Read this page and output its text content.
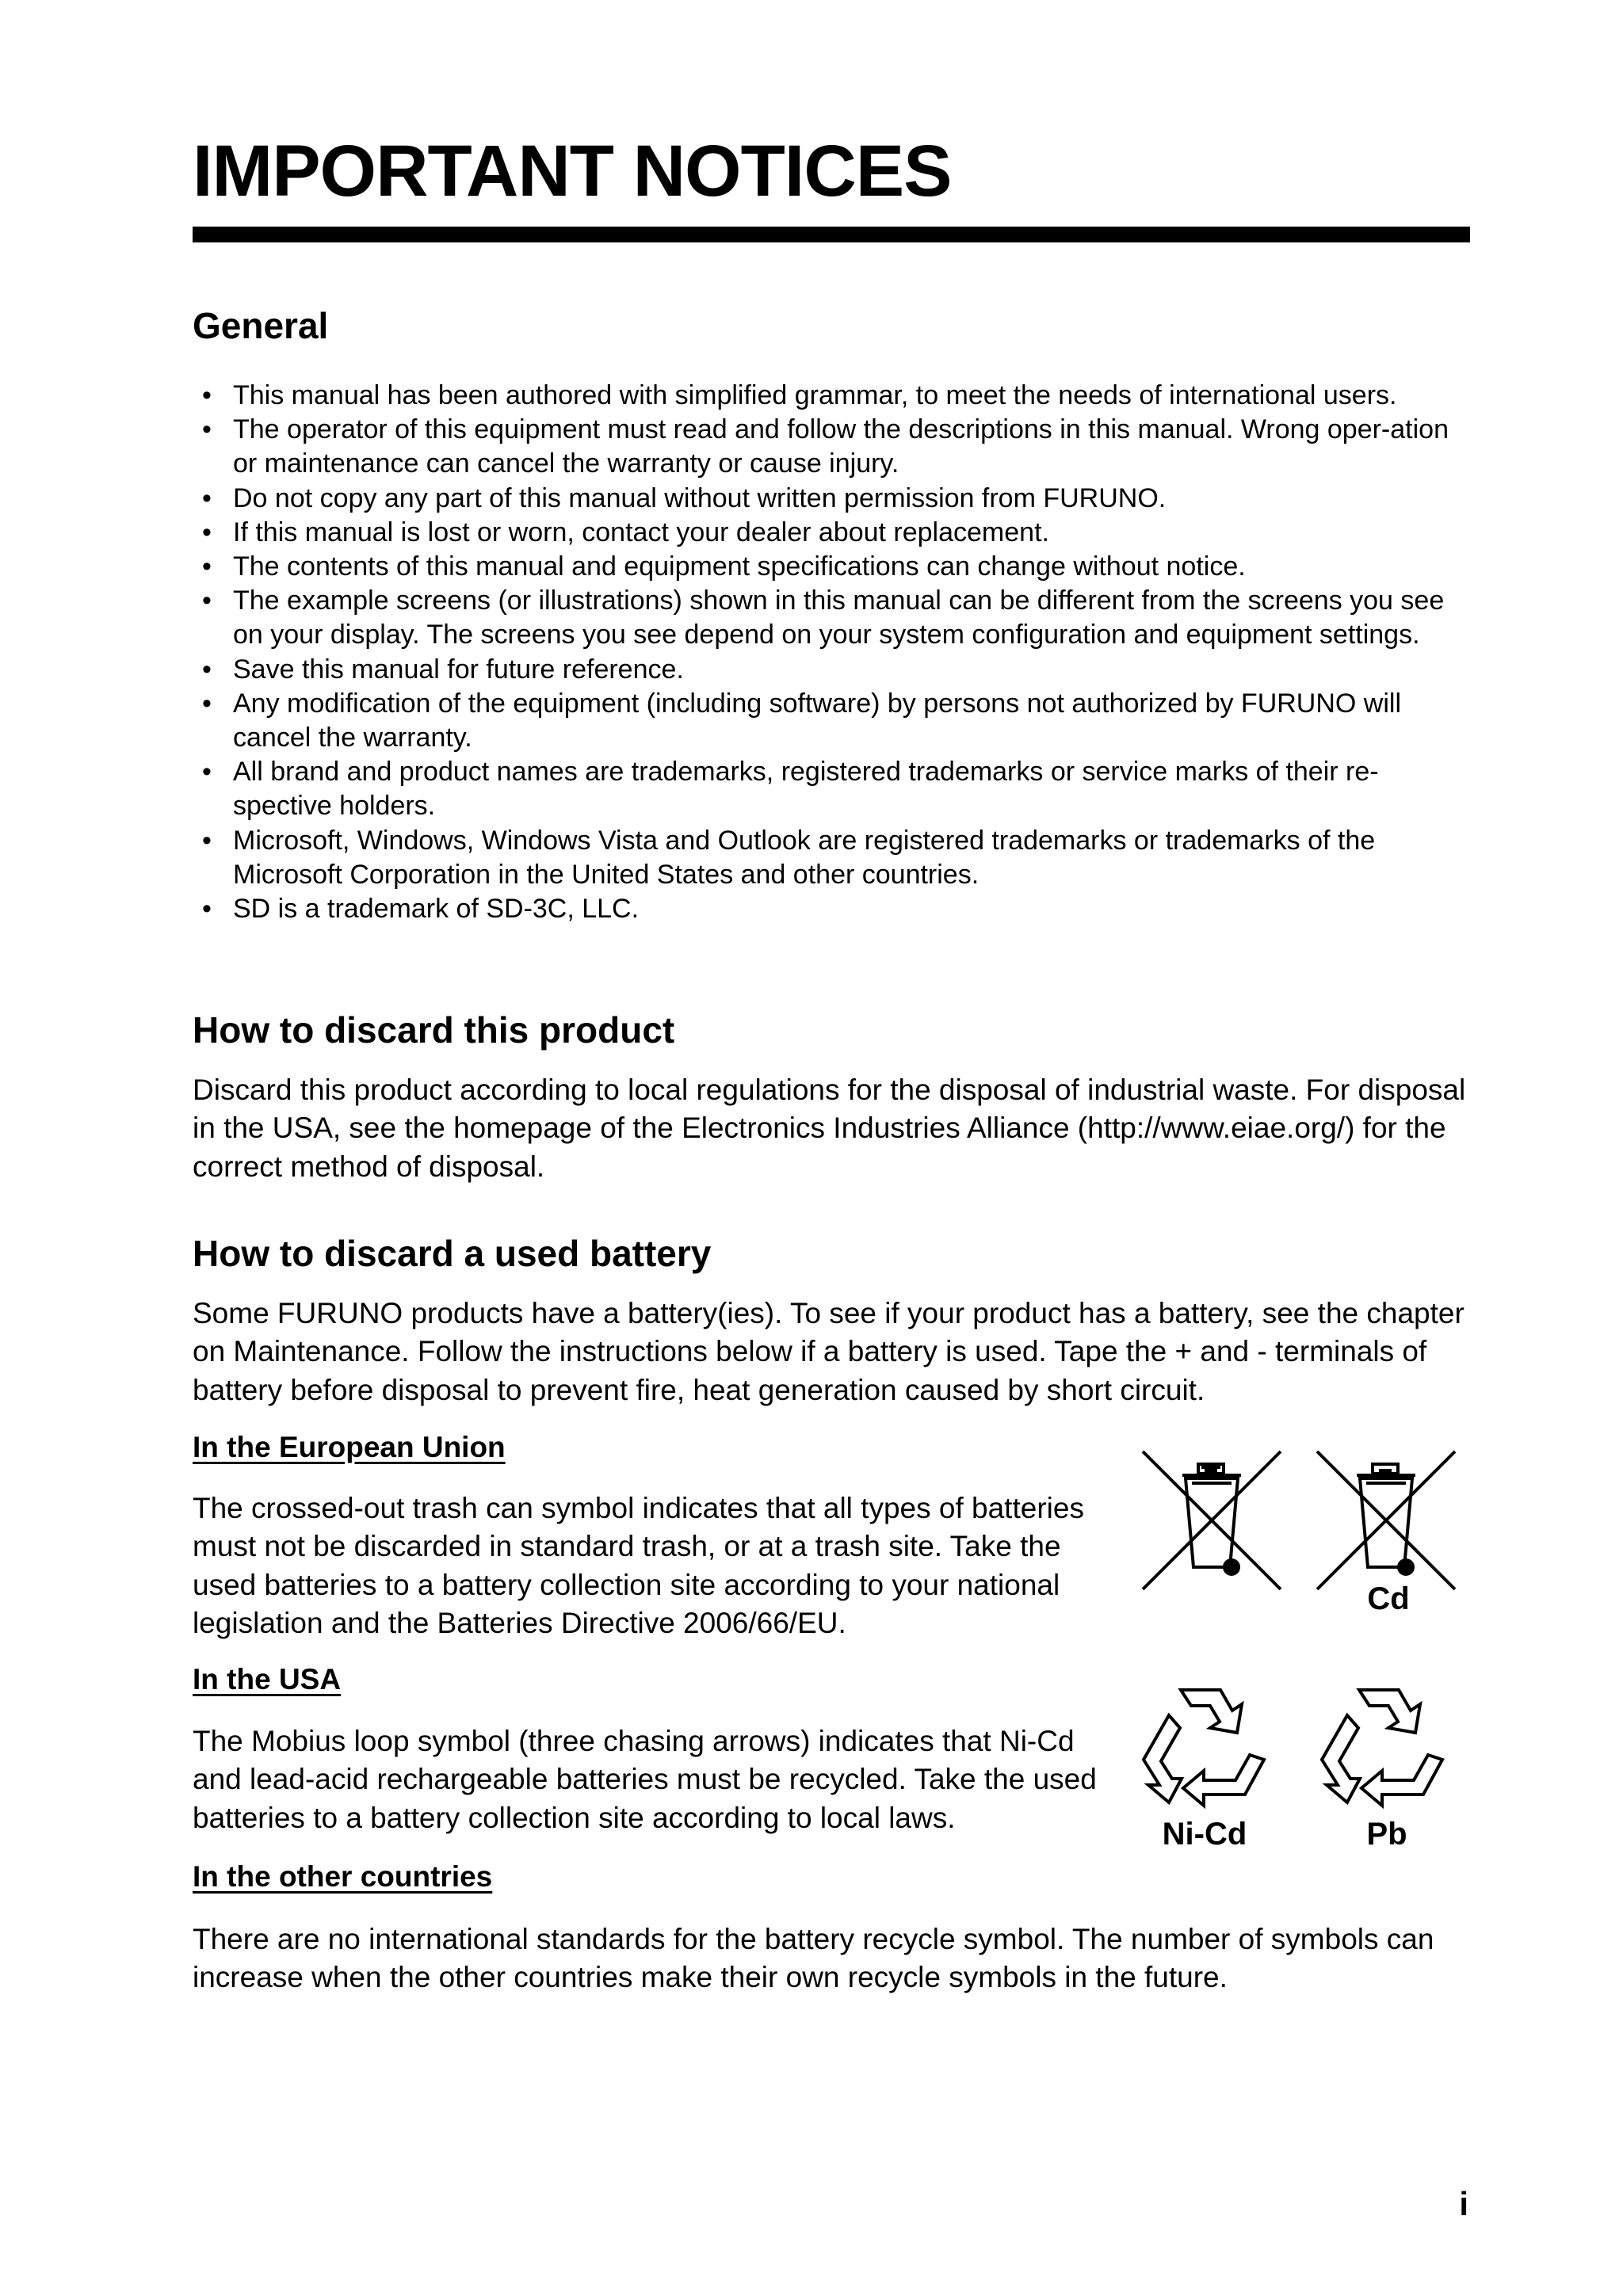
IMPORTANT NOTICES
General
• This manual has been authored with simplified grammar, to meet the needs of international users.
• The operator of this equipment must read and follow the descriptions in this manual. Wrong oper-ation or maintenance can cancel the warranty or cause injury.
• Do not copy any part of this manual without written permission from FURUNO.
• If this manual is lost or worn, contact your dealer about replacement.
• The contents of this manual and equipment specifications can change without notice.
• The example screens (or illustrations) shown in this manual can be different from the screens you see on your display. The screens you see depend on your system configuration and equipment settings.
• Save this manual for future reference.
• Any modification of the equipment (including software) by persons not authorized by FURUNO will cancel the warranty.
• All brand and product names are trademarks, registered trademarks or service marks of their re-spective holders.
• Microsoft, Windows, Windows Vista and Outlook are registered trademarks or trademarks of the Microsoft Corporation in the United States and other countries.
• SD is a trademark of SD-3C, LLC.
How to discard this product

Discard this product according to local regulations for the disposal of industrial waste. For disposal in the USA, see the homepage of the Electronics Industries Alliance (http://www.eiae.org/) for the correct method of disposal.

How to discard a used battery

Some FURUNO products have a battery(ies). To see if your product has a battery, see the chapter on Maintenance. Follow the instructions below if a battery is used. Tape the + and - terminals of battery before disposal to prevent fire, heat generation caused by short circuit.

In the European Union

The crossed-out trash can symbol indicates that all types of batteries must not be discarded in standard trash, or at a trash site. Take the used batteries to a battery collection site according to your national legislation and the Batteries Directive 2006/66/EU.

In the USA

The Mobius loop symbol (three chasing arrows) indicates that Ni-Cd and lead-acid rechargeable batteries must be recycled. Take the used batteries to a battery collection site according to local laws.

In the other countries

There are no international standards for the battery recycle symbol. The number of symbols can increase when the other countries make their own recycle symbols in the future.

Cd
Ni-Cd	Pb
i
